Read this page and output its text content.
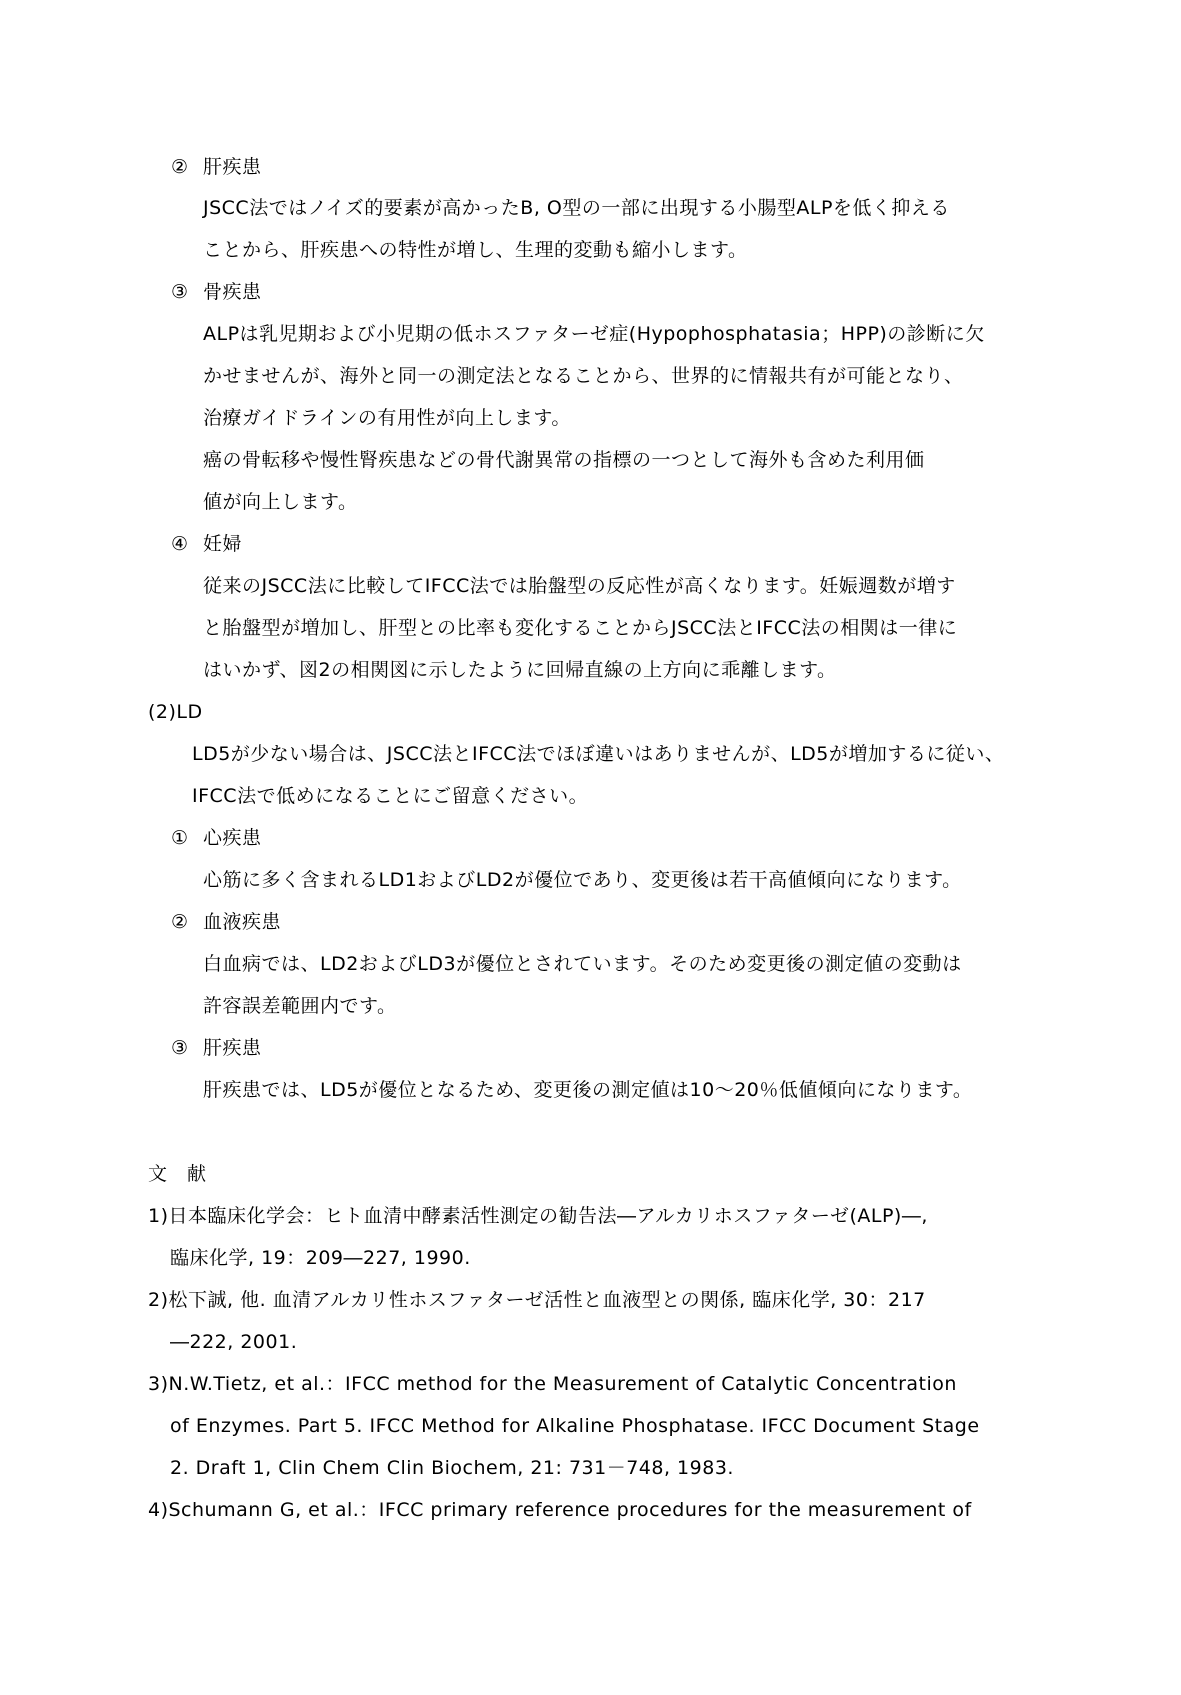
② 肝疾患
JSCC法ではノイズ的要素が高かったB, O型の一部に出現する小腸型ALPを低く抑える
ことから、肝疾患への特性が増し、生理的変動も縮小します。
③ 骨疾患
ALPは乳児期および小児期の低ホスファターゼ症(Hypophosphatasia；HPP)の診断に欠
かせませんが、海外と同一の測定法となることから、世界的に情報共有が可能となり、
治療ガイドラインの有用性が向上します。
癌の骨転移や慢性腎疾患などの骨代謝異常の指標の一つとして海外も含めた利用価
値が向上します。
④ 妊婦
従来のJSCC法に比較してIFCC法では胎盤型の反応性が高くなります。妊娠週数が増す
と胎盤型が増加し、肝型との比率も変化することからJSCC法とIFCC法の相関は一律に
はいかず、図2の相関図に示したように回帰直線の上方向に乖離します。
(2)LD
LD5が少ない場合は、JSCC法とIFCC法でほぼ違いはありませんが、LD5が増加するに従い、
IFCC法で低めになることにご留意ください。
① 心疾患
心筋に多く含まれるLD1およびLD2が優位であり、変更後は若干高値傾向になります。
② 血液疾患
白血病では、LD2およびLD3が優位とされています。そのため変更後の測定値の変動は
許容誤差範囲内です。
③ 肝疾患
肝疾患では、LD5が優位となるため、変更後の測定値は10～20％低値傾向になります。
文　献
1)日本臨床化学会：ヒト血清中酵素活性測定の勧告法―アルカリホスファターゼ(ALP)―,
臨床化学, 19：209―227, 1990.
2)松下誠, 他. 血清アルカリ性ホスファターゼ活性と血液型との関係, 臨床化学, 30：217
―222, 2001.
3)N.W.Tietz, et al.：IFCC method for the Measurement of Catalytic Concentration
of Enzymes. Part 5. IFCC Method for Alkaline Phosphatase. IFCC Document Stage
2. Draft 1, Clin Chem Clin Biochem, 21: 731－748, 1983.
4)Schumann G, et al.：IFCC primary reference procedures for the measurement of
